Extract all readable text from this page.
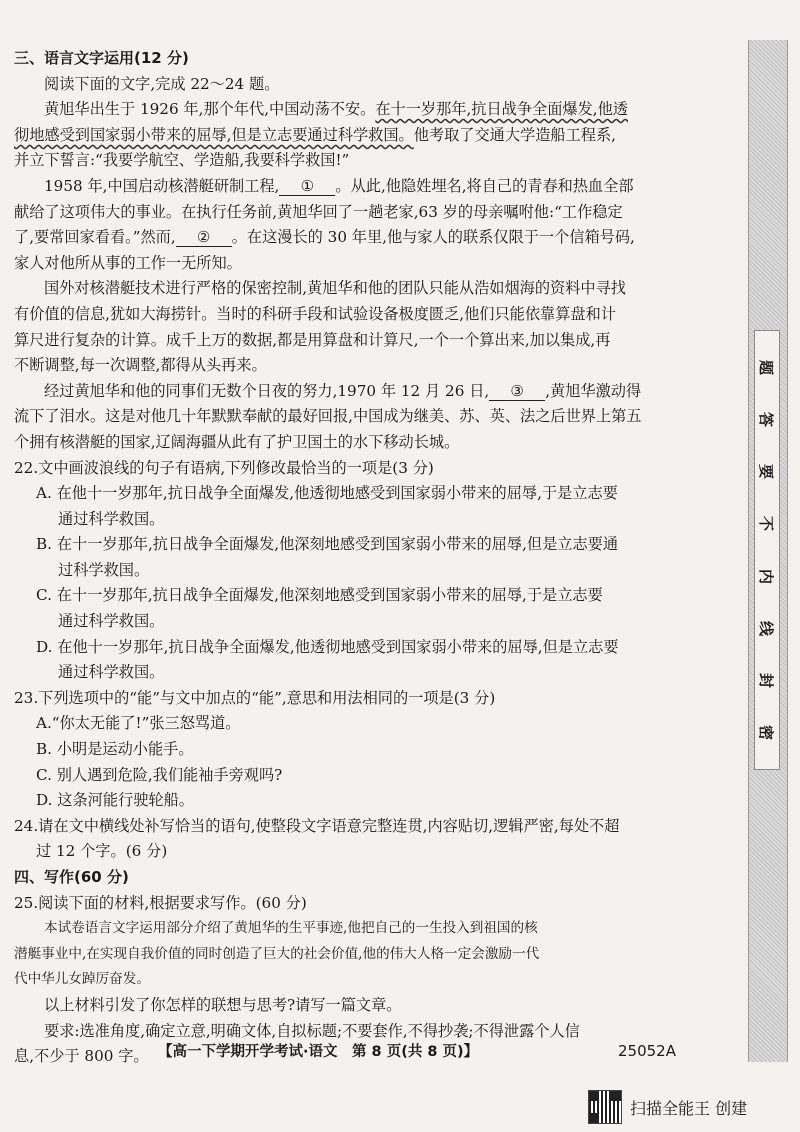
三、语言文字运用(12 分)
阅读下面的文字,完成 22～24 题。
黄旭华出生于 1926 年,那个年代,中国动荡不安。在十一岁那年,抗日战争全面爆发,他透
彻地感受到国家弱小带来的屈辱,但是立志要通过科学救国。他考取了交通大学造船工程系,
并立下誓言:“我要学航空、学造船,我要科学救国!”
1958 年,中国启动核潜艇研制工程, ① 。从此,他隐姓埋名,将自己的青春和热血全部
献给了这项伟大的事业。在执行任务前,黄旭华回了一趟老家,63 岁的母亲嘱咐他:“工作稳定
了,要常回家看看。”然而, ② 。在这漫长的 30 年里,他与家人的联系仅限于一个信箱号码,
家人对他所从事的工作一无所知。
国外对核潜艇技术进行严格的保密控制,黄旭华和他的团队只能从浩如烟海的资料中寻找
有价值的信息,犹如大海捞针。当时的科研手段和试验设备极度匮乏,他们只能依靠算盘和计
算尺进行复杂的计算。成千上万的数据,都是用算盘和计算尺,一个一个算出来,加以集成,再
不断调整,每一次调整,都得从头再来。
经过黄旭华和他的同事们无数个日夜的努力,1970 年 12 月 26 日, ③ ,黄旭华激动得
流下了泪水。这是对他几十年默默奉献的最好回报,中国成为继美、苏、英、法之后世界上第五
个拥有核潜艇的国家,辽阔海疆从此有了护卫国土的水下移动长城。
22.文中画波浪线的句子有语病,下列修改最恰当的一项是(3 分)
A. 在他十一岁那年,抗日战争全面爆发,他透彻地感受到国家弱小带来的屈辱,于是立志要
通过科学救国。
B. 在十一岁那年,抗日战争全面爆发,他深刻地感受到国家弱小带来的屈辱,但是立志要通
过科学救国。
C. 在十一岁那年,抗日战争全面爆发,他深刻地感受到国家弱小带来的屈辱,于是立志要
通过科学救国。
D. 在他十一岁那年,抗日战争全面爆发,他透彻地感受到国家弱小带来的屈辱,但是立志要
通过科学救国。
23.下列选项中的“能”与文中加点的“能”,意思和用法相同的一项是(3 分)
A.“你太无能了!”张三怒骂道。
B. 小明是运动小能手。
C. 别人遇到危险,我们能袖手旁观吗?
D. 这条河能行驶轮船。
24.请在文中横线处补写恰当的语句,使整段文字语意完整连贯,内容贴切,逻辑严密,每处不超
过 12 个字。(6 分)
四、写作(60 分)
25.阅读下面的材料,根据要求写作。(60 分)
本试卷语言文字运用部分介绍了黄旭华的生平事迹,他把自己的一生投入到祖国的核
潜艇事业中,在实现自我价值的同时创造了巨大的社会价值,他的伟大人格一定会激励一代
代中华儿女踔厉奋发。
以上材料引发了你怎样的联想与思考?请写一篇文章。
要求:选准角度,确定立意,明确文体,自拟标题;不要套作,不得抄袭;不得泄露个人信
息,不少于 800 字。 【高一下学期开学考试·语文　第 8 页(共 8 页)】	25052A
题
答
要
不
内
线
封
密
扫描全能王 创建
